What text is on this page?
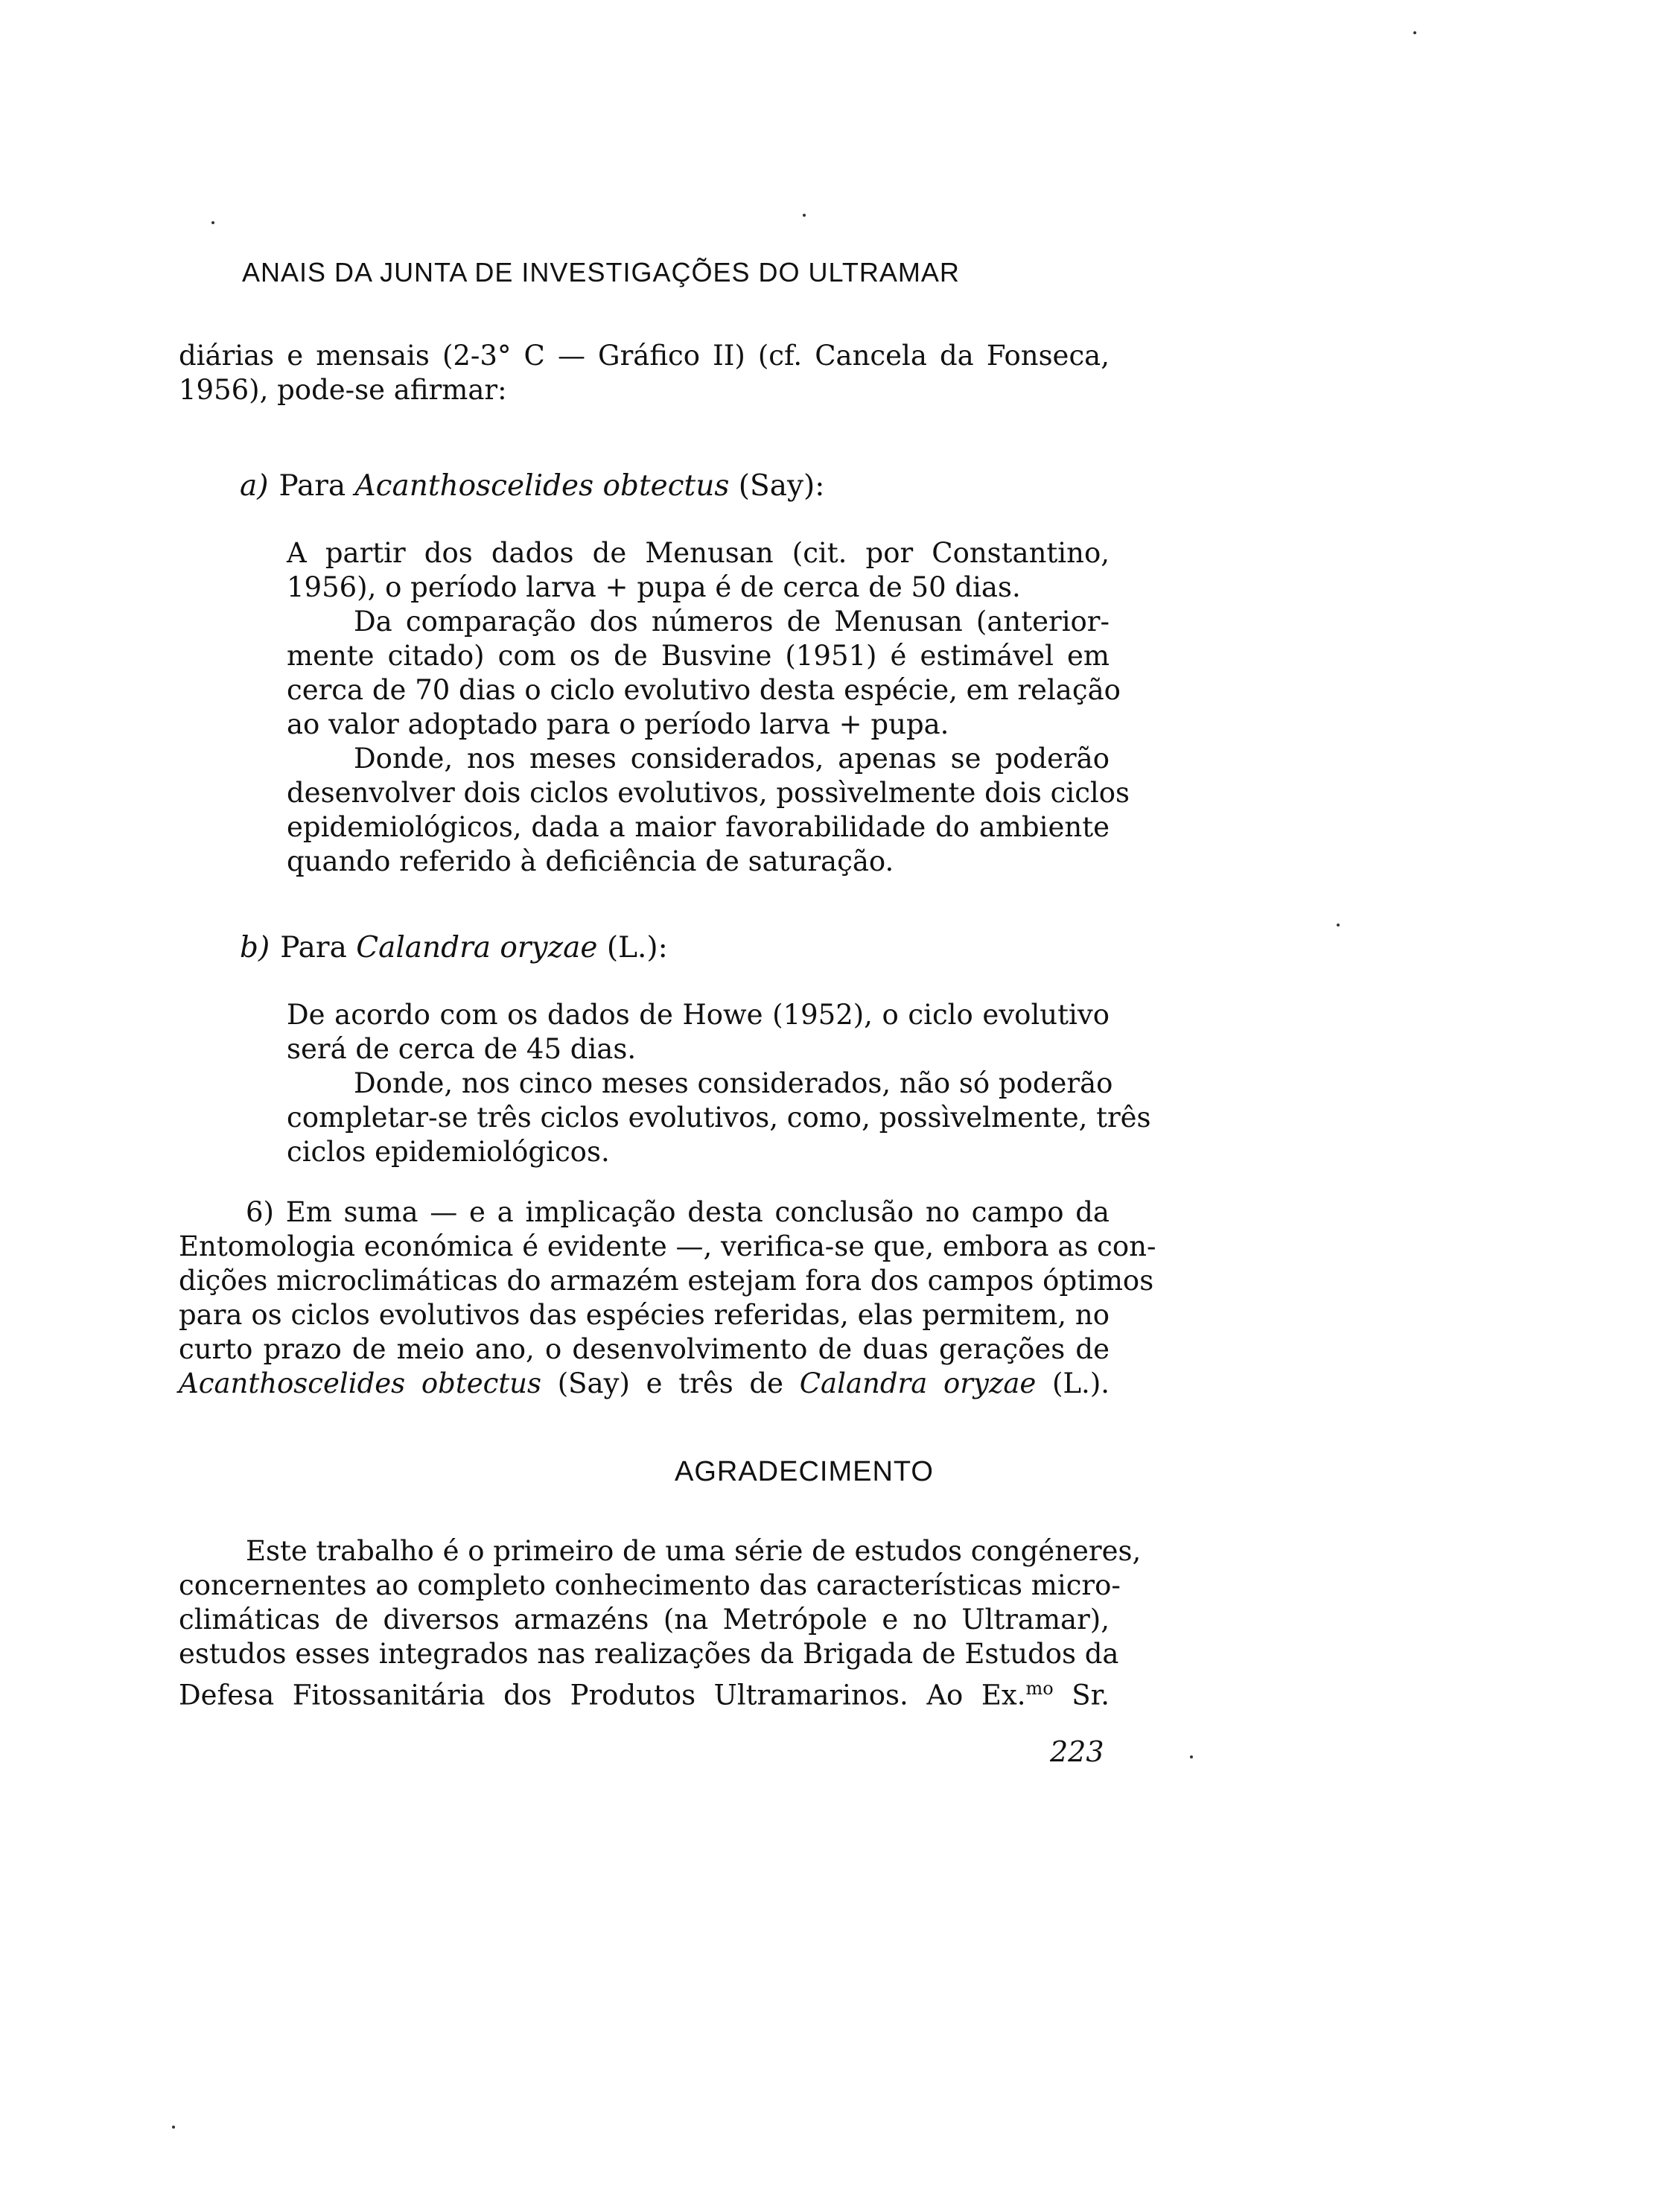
ANAIS DA JUNTA DE INVESTIGAÇÕES DO ULTRAMAR
diárias e mensais (2-3° C — Gráfico II) (cf. Cancela da Fonseca,
1956), pode-se afirmar:
a) Para Acanthoscelides obtectus (Say):
A partir dos dados de Menusan (cit. por Constantino,
1956), o período larva + pupa é de cerca de 50 dias.
Da comparação dos números de Menusan (anterior-
mente citado) com os de Busvine (1951) é estimável em
cerca de 70 dias o ciclo evolutivo desta espécie, em relação
ao valor adoptado para o período larva + pupa.
Donde, nos meses considerados, apenas se poderão
desenvolver dois ciclos evolutivos, possìvelmente dois ciclos
epidemiológicos, dada a maior favorabilidade do ambiente
quando referido à deficiência de saturação.
b) Para Calandra oryzae (L.):
De acordo com os dados de Howe (1952), o ciclo evolutivo
será de cerca de 45 dias.
Donde, nos cinco meses considerados, não só poderão
completar-se três ciclos evolutivos, como, possìvelmente, três
ciclos epidemiológicos.
6) Em suma — e a implicação desta conclusão no campo da
Entomologia económica é evidente —, verifica-se que, embora as con-
dições microclimáticas do armazém estejam fora dos campos óptimos
para os ciclos evolutivos das espécies referidas, elas permitem, no
curto prazo de meio ano, o desenvolvimento de duas gerações de
Acanthoscelides obtectus (Say) e três de Calandra oryzae (L.).
AGRADECIMENTO
Este trabalho é o primeiro de uma série de estudos congéneres,
concernentes ao completo conhecimento das características micro-
climáticas de diversos armazéns (na Metrópole e no Ultramar),
estudos esses integrados nas realizações da Brigada de Estudos da
Defesa Fitossanitária dos Produtos Ultramarinos. Ao Ex.$^{mo}$ Sr.
223
